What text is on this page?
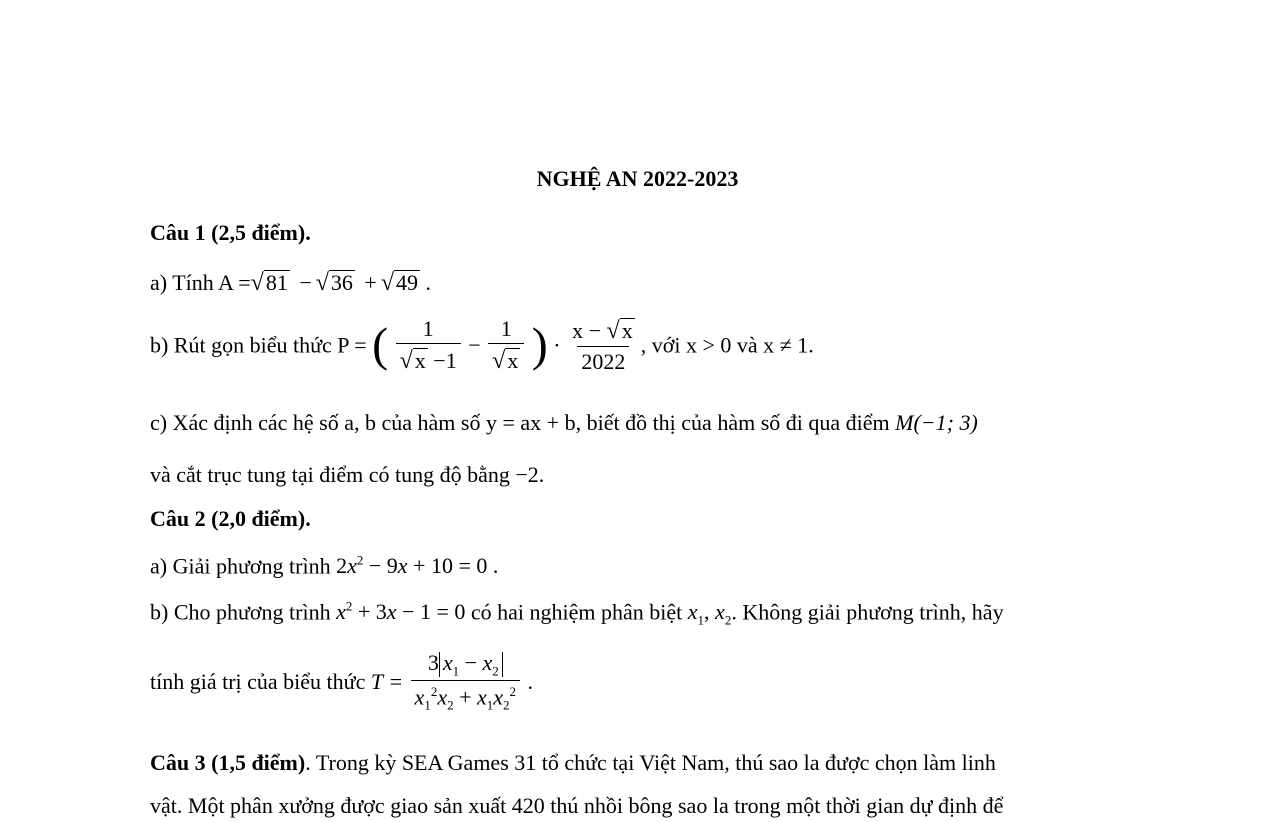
NGHỆ AN 2022-2023
Câu 1 (2,5 điểm).
a) Tính A =√81 − √36 + √49 .
b) Rút gọn biểu thức P = ( $\frac{1}{√x -1} - \frac{1}{√x}$ ) · $\frac{x - √x}{2022}$ , với x > 0 và x ≠ 1.
c) Xác định các hệ số a, b của hàm số y = ax + b, biết đồ thị của hàm số đi qua điểm M(−1; 3)
và cắt trục tung tại điểm có tung độ bằng −2.
Câu 2 (2,0 điểm).
a) Giải phương trình $2x^2 - 9x + 10 = 0$ .
b) Cho phương trình $x^2 + 3x - 1 = 0$ có hai nghiệm phân biệt $x_1$, $x_2$. Không giải phương trình, hãy
tính giá trị của biểu thức $T = \frac{3 x_1 - x_2}{x_1^2x_2 + x_1x_2^2}$ .
Câu 3 (1,5 điểm). Trong kỳ SEA Games 31 tổ chức tại Việt Nam, thú sao la được chọn làm linh
vật. Một phân xưởng được giao sản xuất 420 thú nhồi bông sao la trong một thời gian dự định để
